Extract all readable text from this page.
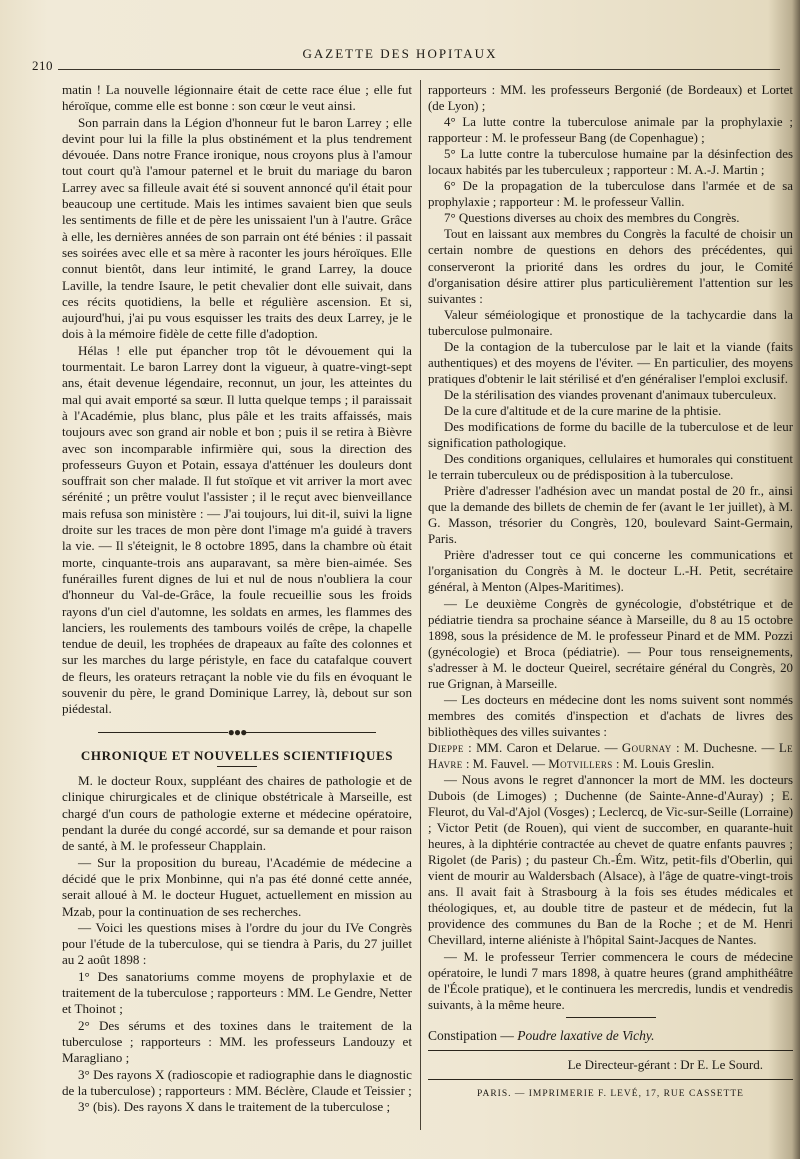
GAZETTE DES HOPITAUX
210

matin ! La nouvelle légionnaire était de cette race élue ; elle fut héroïque, comme elle est bonne : son cœur le veut ainsi.

Son parrain dans la Légion d'honneur fut le baron Larrey ; elle devint pour lui la fille la plus obstinément et la plus tendrement dévouée. Dans notre France ironique, nous croyons plus à l'amour tout court qu'à l'amour paternel et le bruit du mariage du baron Larrey avec sa filleule avait été si souvent annoncé qu'il était pour beaucoup une certitude. Mais les intimes savaient bien que seuls les sentiments de fille et de père les unissaient l'un à l'autre. Grâce à elle, les dernières années de son parrain ont été bénies : il passait ses soirées avec elle et sa mère à raconter les jours héroïques. Elle connut bientôt, dans leur intimité, le grand Larrey, la douce Laville, la tendre Isaure, le petit chevalier dont elle suivait, dans ces récits quotidiens, la belle et régulière ascension. Et si, aujourd'hui, j'ai pu vous esquisser les traits des deux Larrey, je le dois à la mémoire fidèle de cette fille d'adoption.

Hélas ! elle put épancher trop tôt le dévouement qui la tourmentait. Le baron Larrey dont la vigueur, à quatre-vingt-sept ans, était devenue légendaire, reconnut, un jour, les atteintes du mal qui avait emporté sa sœur. Il lutta quelque temps ; il paraissait à l'Académie, plus blanc, plus pâle et les traits affaissés, mais toujours avec son grand air noble et bon ; puis il se retira à Bièvre avec son incomparable infirmière qui, sous la direction des professeurs Guyon et Potain, essaya d'atténuer les douleurs dont souffrait son cher malade. Il fut stoïque et vit arriver la mort avec sérénité ; un prêtre voulut l'assister ; il le reçut avec bienveillance mais refusa son ministère : — J'ai toujours, lui dit-il, suivi la ligne droite sur les traces de mon père dont l'image m'a guidé à travers la vie. — Il s'éteignit, le 8 octobre 1895, dans la chambre où était morte, cinquante-trois ans auparavant, sa mère bien-aimée. Ses funérailles furent dignes de lui et nul de nous n'oubliera la cour d'honneur du Val-de-Grâce, la foule recueillie sous les froids rayons d'un ciel d'automne, les soldats en armes, les flammes des lanciers, les roulements des tambours voilés de crêpe, la chapelle tendue de deuil, les trophées de drapeaux au faîte des colonnes et sur les marches du large péristyle, en face du catafalque couvert de fleurs, les orateurs retraçant la noble vie du fils en évoquant le souvenir du père, le grand Dominique Larrey, là, debout sur son piédestal.

●●●
CHRONIQUE ET NOUVELLES SCIENTIFIQUES

M. le docteur Roux, suppléant des chaires de pathologie et de clinique chirurgicales et de clinique obstétricale à Marseille, est chargé d'un cours de pathologie externe et médecine opératoire, pendant la durée du congé accordé, sur sa demande et pour raison de santé, à M. le professeur Chapplain.

— Sur la proposition du bureau, l'Académie de médecine a décidé que le prix Monbinne, qui n'a pas été donné cette année, serait alloué à M. le docteur Huguet, actuellement en mission au Mzab, pour la continuation de ses recherches.

— Voici les questions mises à l'ordre du jour du IVe Congrès pour l'étude de la tuberculose, qui se tiendra à Paris, du 27 juillet au 2 août 1898 :

1° Des sanatoriums comme moyens de prophylaxie et de traitement de la tuberculose ; rapporteurs : MM. Le Gendre, Netter et Thoinot ;

2° Des sérums et des toxines dans le traitement de la tuberculose ; rapporteurs : MM. les professeurs Landouzy et Maragliano ;

3° Des rayons X (radioscopie et radiographie dans le diagnostic de la tuberculose) ; rapporteurs : MM. Béclère, Claude et Teissier ;

3° (bis). Des rayons X dans le traitement de la tuberculose ;

rapporteurs : MM. les professeurs Bergonié (de Bordeaux) et Lortet (de Lyon) ;

4° La lutte contre la tuberculose animale par la prophylaxie ; rapporteur : M. le professeur Bang (de Copenhague) ;

5° La lutte contre la tuberculose humaine par la désinfection des locaux habités par les tuberculeux ; rapporteur : M. A.-J. Martin ;

6° De la propagation de la tuberculose dans l'armée et de sa prophylaxie ; rapporteur : M. le professeur Vallin.

7° Questions diverses au choix des membres du Congrès.

Tout en laissant aux membres du Congrès la faculté de choisir un certain nombre de questions en dehors des précédentes, qui conserveront la priorité dans les ordres du jour, le Comité d'organisation désire attirer plus particulièrement l'attention sur les suivantes :

Valeur séméiologique et pronostique de la tachycardie dans la tuberculose pulmonaire.

De la contagion de la tuberculose par le lait et la viande (faits authentiques) et des moyens de l'éviter. — En particulier, des moyens pratiques d'obtenir le lait stérilisé et d'en généraliser l'emploi exclusif.

De la stérilisation des viandes provenant d'animaux tuberculeux.

De la cure d'altitude et de la cure marine de la phtisie.

Des modifications de forme du bacille de la tuberculose et de leur signification pathologique.

Des conditions organiques, cellulaires et humorales qui constituent le terrain tuberculeux ou de prédisposition à la tuberculose.

Prière d'adresser l'adhésion avec un mandat postal de 20 fr., ainsi que la demande des billets de chemin de fer (avant le 1er juillet), à M. G. Masson, trésorier du Congrès, 120, boulevard Saint-Germain, Paris.

Prière d'adresser tout ce qui concerne les communications et l'organisation du Congrès à M. le docteur L.-H. Petit, secrétaire général, à Menton (Alpes-Maritimes).

— Le deuxième Congrès de gynécologie, d'obstétrique et de pédiatrie tiendra sa prochaine séance à Marseille, du 8 au 15 octobre 1898, sous la présidence de M. le professeur Pinard et de MM. Pozzi (gynécologie) et Broca (pédiatrie). — Pour tous renseignements, s'adresser à M. le docteur Queirel, secrétaire général du Congrès, 20 rue Grignan, à Marseille.

— Les docteurs en médecine dont les noms suivent sont nommés membres des comités d'inspection et d'achats de livres des bibliothèques des villes suivantes :

Dieppe : MM. Caron et Delarue. — Gournay : M. Duchesne. — Le Havre : M. Fauvel. — Motvillers : M. Louis Greslin.

— Nous avons le regret d'annoncer la mort de MM. les docteurs Dubois (de Limoges) ; Duchenne (de Sainte-Anne-d'Auray) ; E. Fleurot, du Val-d'Ajol (Vosges) ; Leclercq, de Vic-sur-Seille (Lorraine) ; Victor Petit (de Rouen), qui vient de succomber, en quarante-huit heures, à la diphtérie contractée au chevet de quatre enfants pauvres ; Rigolet (de Paris) ; du pasteur Ch.-Ém. Witz, petit-fils d'Oberlin, qui vient de mourir au Waldersbach (Alsace), à l'âge de quatre-vingt-trois ans. Il avait fait à Strasbourg à la fois ses études médicales et théologiques, et, au double titre de pasteur et de médecin, fut la providence des communes du Ban de la Roche ; et de M. Henri Chevillard, interne aliéniste à l'hôpital Saint-Jacques de Nantes.

— M. le professeur Terrier commencera le cours de médecine opératoire, le lundi 7 mars 1898, à quatre heures (grand amphithéâtre de l'École pratique), et le continuera les mercredis, lundis et vendredis suivants, à la même heure.

Constipation — Poudre laxative de Vichy.
Le Directeur-gérant : Dr E. Le Sourd.
PARIS. — IMPRIMERIE F. LEVÉ, 17, RUE CASSETTE
